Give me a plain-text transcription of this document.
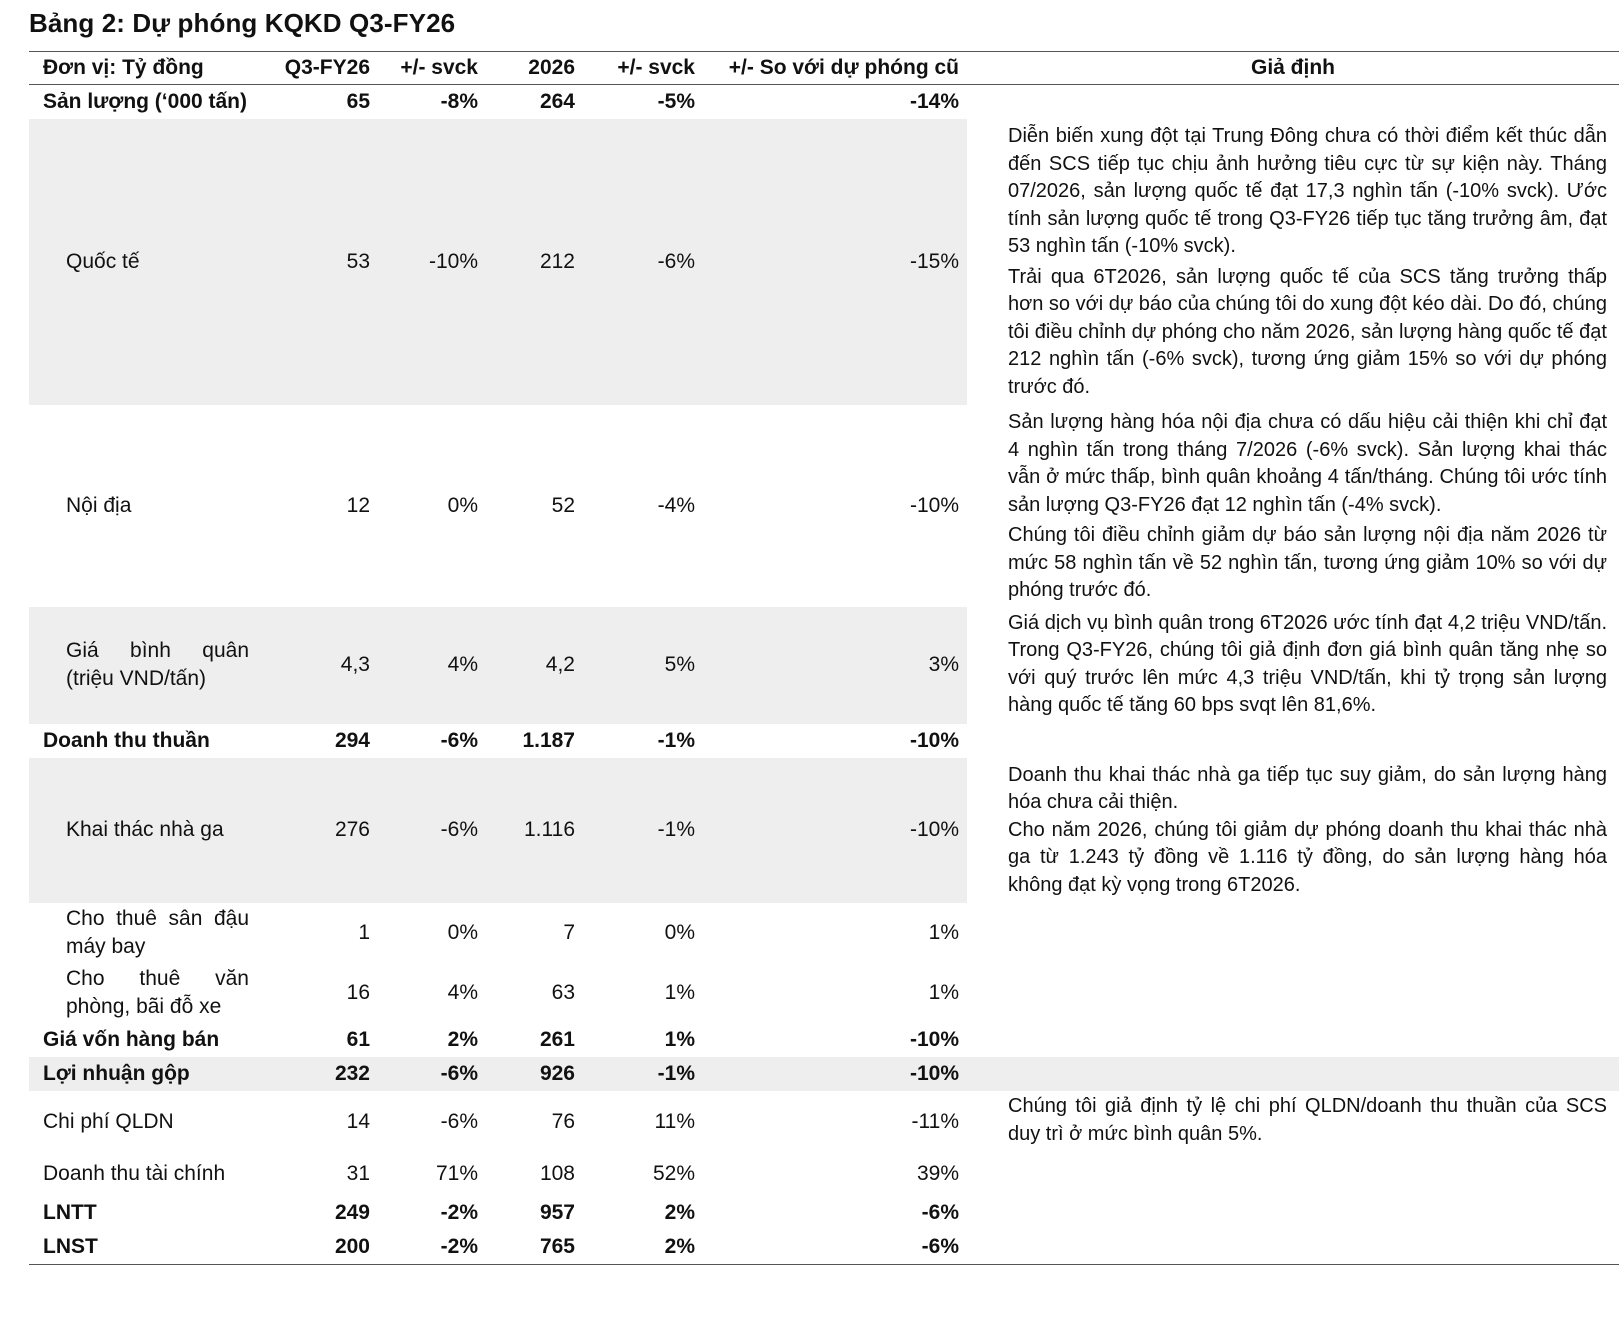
Bảng 2: Dự phóng KQKD Q3-FY26
Đơn vị: Tỷ đồng	Q3-FY26	+/- svck	2026	+/- svck	+/- So với dự phóng cũ	Giả định
Sản lượng (‘000 tấn)	65	-8%	264	-5%	-14%	
Quốc tế	53	-10%	212	-6%	-15%	Diễn biến xung đột tại Trung Đông chưa có thời điểm kết thúc dẫn đến SCS tiếp tục chịu ảnh hưởng tiêu cực từ sự kiện này. Tháng 07/2026, sản lượng quốc tế đạt 17,3 nghìn tấn (-10% svck). Ước tính sản lượng quốc tế trong Q3-FY26 tiếp tục tăng trưởng âm, đạt 53 nghìn tấn (-10% svck).

Trải qua 6T2026, sản lượng quốc tế của SCS tăng trưởng thấp hơn so với dự báo của chúng tôi do xung đột kéo dài. Do đó, chúng tôi điều chỉnh dự phóng cho năm 2026, sản lượng hàng quốc tế đạt 212 nghìn tấn (-6% svck), tương ứng giảm 15% so với dự phóng trước đó.

Nội địa	12	0%	52	-4%	-10%	Sản lượng hàng hóa nội địa chưa có dấu hiệu cải thiện khi chỉ đạt 4 nghìn tấn trong tháng 7/2026 (-6% svck). Sản lượng khai thác vẫn ở mức thấp, bình quân khoảng 4 tấn/tháng. Chúng tôi ước tính sản lượng Q3-FY26 đạt 12 nghìn tấn (-4% svck).

Chúng tôi điều chỉnh giảm dự báo sản lượng nội địa năm 2026 từ mức 58 nghìn tấn về 52 nghìn tấn, tương ứng giảm 10% so với dự phóng trước đó.

Giá bình quân (triệu VND/tấn)	4,3	4%	4,2	5%	3%	Giá dịch vụ bình quân trong 6T2026 ước tính đạt 4,2 triệu VND/tấn. Trong Q3-FY26, chúng tôi giả định đơn giá bình quân tăng nhẹ so với quý trước lên mức 4,3 triệu VND/tấn, khi tỷ trọng sản lượng hàng quốc tế tăng 60 bps svqt lên 81,6%.

Doanh thu thuần	294	-6%	1.187	-1%	-10%	
Khai thác nhà ga	276	-6%	1.116	-1%	-10%	Doanh thu khai thác nhà ga tiếp tục suy giảm, do sản lượng hàng hóa chưa cải thiện.

Cho năm 2026, chúng tôi giảm dự phóng doanh thu khai thác nhà ga từ 1.243 tỷ đồng về 1.116 tỷ đồng, do sản lượng hàng hóa không đạt kỳ vọng trong 6T2026.

Cho thuê sân đậu máy bay	1	0%	7	0%	1%	
Cho thuê văn phòng, bãi đỗ xe	16	4%	63	1%	1%	
Giá vốn hàng bán	61	2%	261	1%	-10%	
Lợi nhuận gộp	232	-6%	926	-1%	-10%	
Chi phí QLDN	14	-6%	76	11%	-11%	Chúng tôi giả định tỷ lệ chi phí QLDN/doanh thu thuần của SCS duy trì ở mức bình quân 5%.

Doanh thu tài chính	31	71%	108	52%	39%	
LNTT	249	-2%	957	2%	-6%	
LNST	200	-2%	765	2%	-6%	
